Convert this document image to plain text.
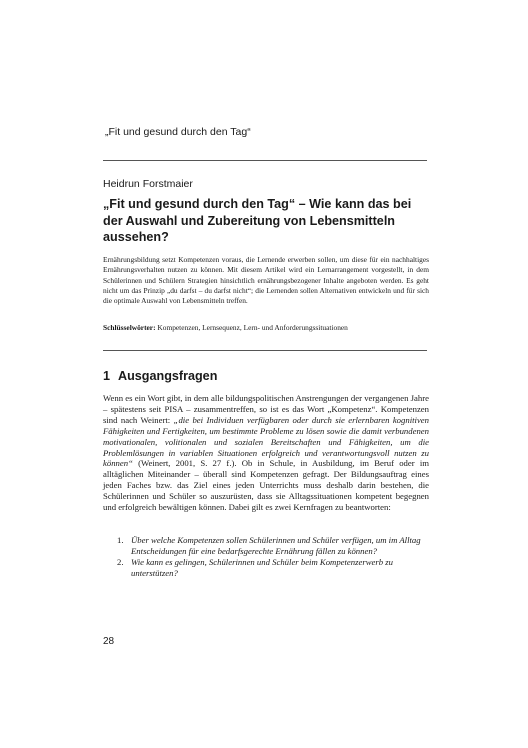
„Fit und gesund durch den Tag“
Heidrun Forstmaier
„Fit und gesund durch den Tag“ – Wie kann das bei der Auswahl und Zubereitung von Lebensmitteln aussehen?

Ernährungsbildung setzt Kompetenzen voraus, die Lernende erwerben sollen, um diese für ein nachhaltiges Ernährungsverhalten nutzen zu können. Mit diesem Artikel wird ein Lernarrangement vorgestellt, in dem Schülerinnen und Schülern Strategien hinsichtlich ernährungsbezogener Inhalte angeboten werden. Es geht nicht um das Prinzip „du darfst – du darfst nicht“; die Lernenden sollen Alternativen entwickeln und für sich die optimale Auswahl von Lebensmitteln treffen.

Schlüsselwörter: Kompetenzen, Lernsequenz, Lern- und Anforderungssituationen

1 Ausgangsfragen

Wenn es ein Wort gibt, in dem alle bildungspolitischen Anstrengungen der vergangenen Jahre – spätestens seit PISA – zusammentreffen, so ist es das Wort „Kompetenz“. Kompetenzen sind nach Weinert: „die bei Individuen verfügbaren oder durch sie erlernbaren kognitiven Fähigkeiten und Fertigkeiten, um bestimmte Probleme zu lösen sowie die damit verbundenen motivationalen, volitionalen und sozialen Bereitschaften und Fähigkeiten, um die Problemlösungen in variablen Situationen erfolgreich und verantwortungsvoll nutzen zu können“ (Weinert, 2001, S. 27 f.). Ob in Schule, in Ausbildung, im Beruf oder im alltäglichen Miteinander – überall sind Kompetenzen gefragt. Der Bildungsauftrag eines jeden Faches bzw. das Ziel eines jeden Unterrichts muss deshalb darin bestehen, die Schülerinnen und Schüler so auszurüsten, dass sie Alltagssituationen kompetent begegnen und erfolgreich bewältigen können. Dabei gilt es zwei Kernfragen zu beantworten:

1. Über welche Kompetenzen sollen Schülerinnen und Schüler verfügen, um im Alltag Entscheidungen für eine bedarfsgerechte Ernährung fällen zu können?
2. Wie kann es gelingen, Schülerinnen und Schüler beim Kompetenzerwerb zu unterstützen?
28
